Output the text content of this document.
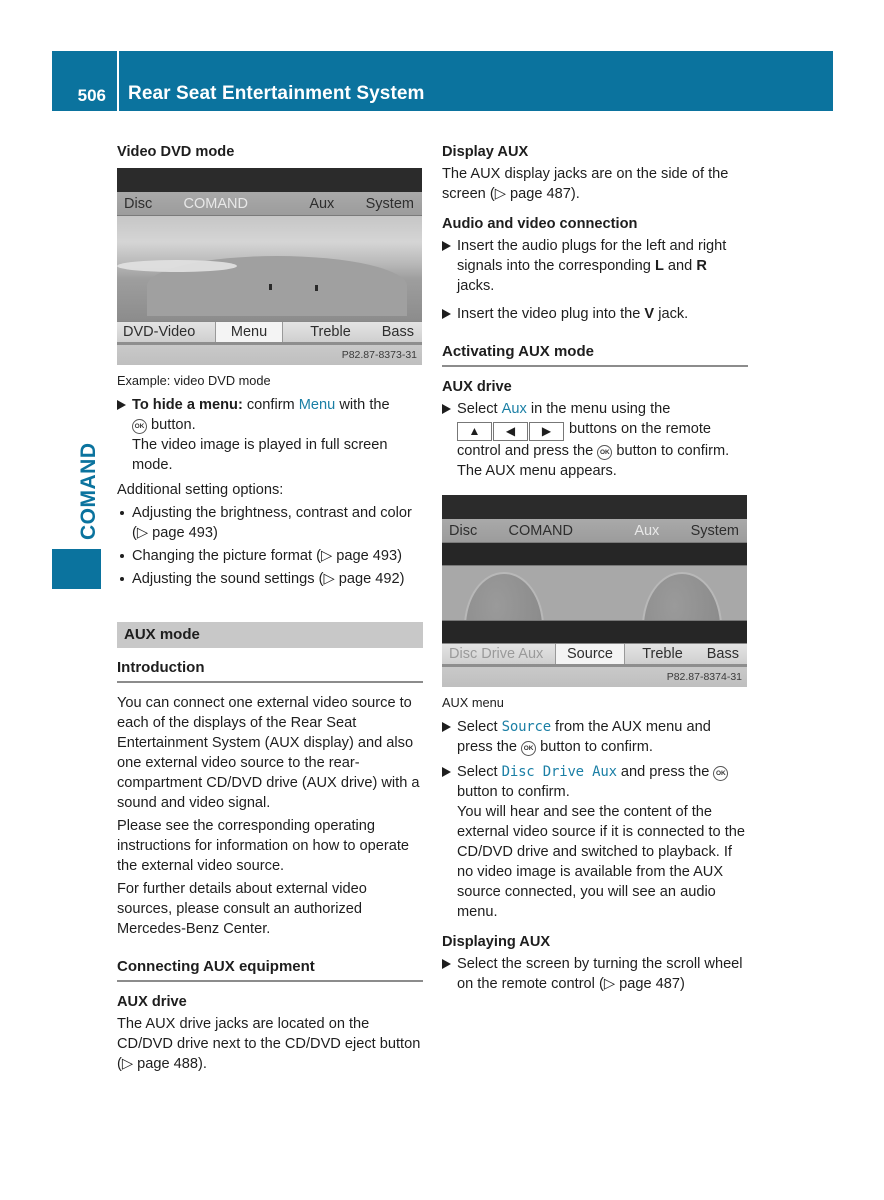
506	Rear Seat Entertainment System
COMAND
Video DVD mode
Disc COMAND	Aux System
DVD-Video	Menu	Treble	Bass
P82.87-8373-31
Example: video DVD mode
To hide a menu: confirm Menu with the
OK button.
The video image is played in full screen mode.

Additional setting options:

Adjusting the brightness, contrast and color (▷ page 493)
Changing the picture format (▷ page 493)
Adjusting the sound settings (▷ page 492)
AUX mode
Introduction

You can connect one external video source to each of the displays of the Rear Seat Entertainment System (AUX display) and also one external video source to the rear-compartment CD/DVD drive (AUX drive) with a sound and video signal.

Please see the corresponding operating instructions for information on how to operate the external video source.

For further details about external video sources, please consult an authorized Mercedes-Benz Center.

Connecting AUX equipment
AUX drive

The AUX drive jacks are located on the CD/DVD drive next to the CD/DVD eject button (▷ page 488).

Display AUX

The AUX display jacks are on the side of the screen (▷ page 487).

Audio and video connection
Insert the audio plugs for the left and right signals into the corresponding L and R jacks.
Insert the video plug into the V jack.
Activating AUX mode
AUX drive
Select Aux in the menu using the
▲ ◀ ▶ buttons on the remote control and press the OK button to confirm.
The AUX menu appears.
Disc COMAND	Aux System
Disc Drive Aux	Source	Treble	Bass
P82.87-8374-31
AUX menu
Select Source from the AUX menu and press the OK button to confirm.
Select Disc Drive Aux and press the OK button to confirm.
You will hear and see the content of the external video source if it is connected to the CD/DVD drive and switched to playback. If no video image is available from the AUX source connected, you will see an audio menu.
Displaying AUX
Select the screen by turning the scroll wheel on the remote control (▷ page 487)
